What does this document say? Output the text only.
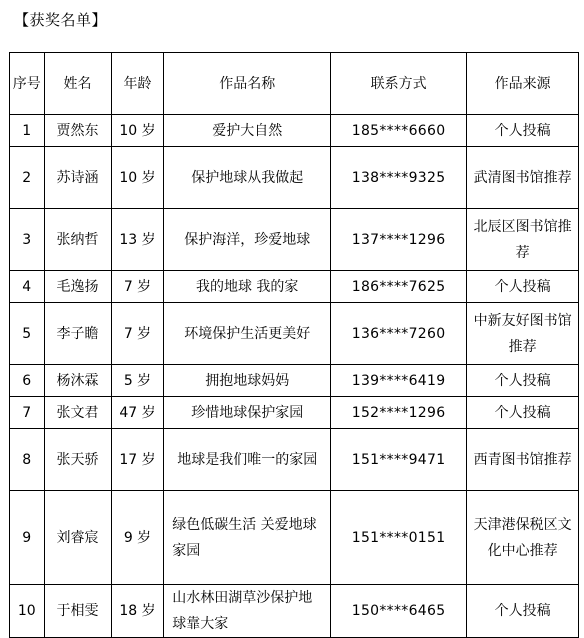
【获奖名单】
序号	姓名	年龄	作品名称	联系方式	作品来源

1	贾然东	10 岁	爱护大自然	185****6660	个人投稿

2	苏诗涵	10 岁	保护地球从我做起	138****9325	武清图书馆推荐

3	张纳哲	13 岁	保护海洋，珍爱地球	137****1296	北辰区图书馆推荐

4	毛逸扬	7 岁	我的地球 我的家	186****7625	个人投稿

5	李子瞻	7 岁	环境保护生活更美好	136****7260	中新友好图书馆推荐

6	杨沐霖	5 岁	拥抱地球妈妈	139****6419	个人投稿

7	张文君	47 岁	珍惜地球保护家园	152****1296	个人投稿

8	张天骄	17 岁	地球是我们唯一的家园	151****9471	西青图书馆推荐

9	刘睿宸	9 岁	绿色低碳生活 关爱地球家园	151****0151	天津港保税区文化中心推荐

10	于相雯	18 岁	山水林田湖草沙保护地球靠大家	150****6465	个人投稿
